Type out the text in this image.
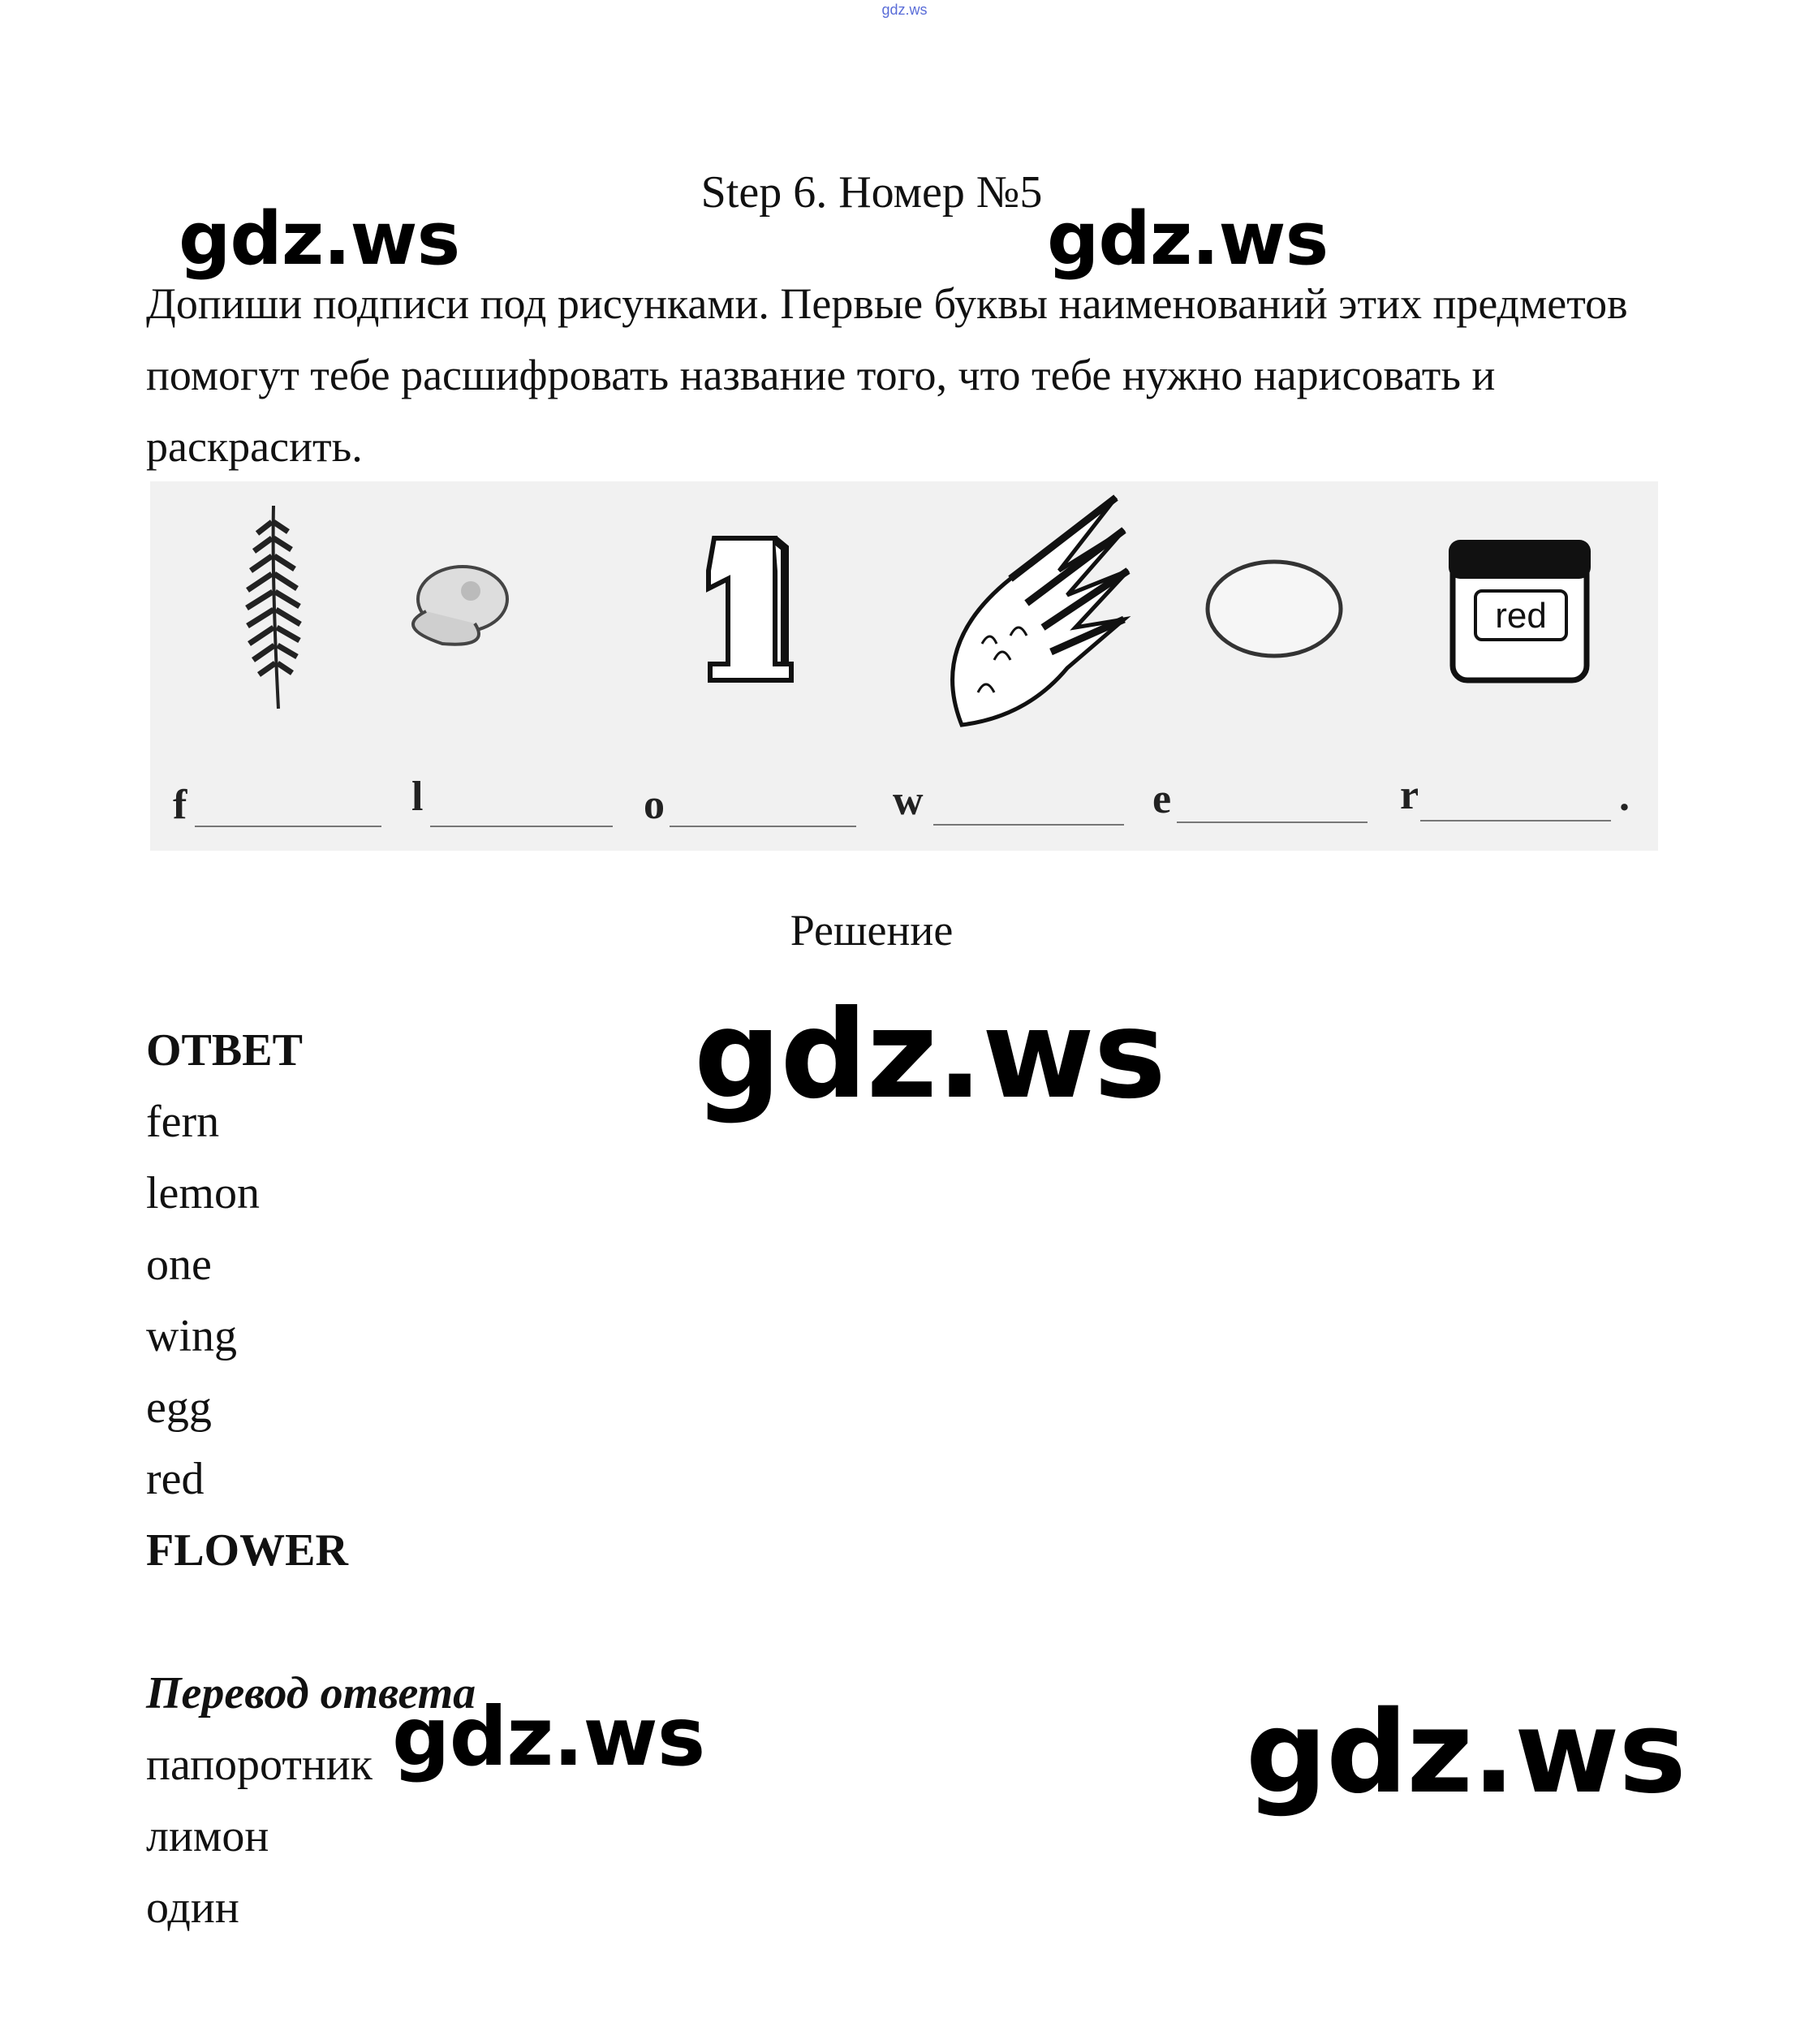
gdz.ws
Step 6. Номер №5
gdz.ws	gdz.ws
Допиши подписи под рисунками. Первые буквы наименований этих предметов помогут тебе расшифровать название того, что тебе нужно нарисовать и раскрасить.
red
f	l	o	w	e	r	.
Решение
gdz.ws
ОТВЕТ
fern
lemon
one
wing
egg
red
FLOWER
Перевод ответа
папоротник
лимон
один
gdz.ws	gdz.ws
